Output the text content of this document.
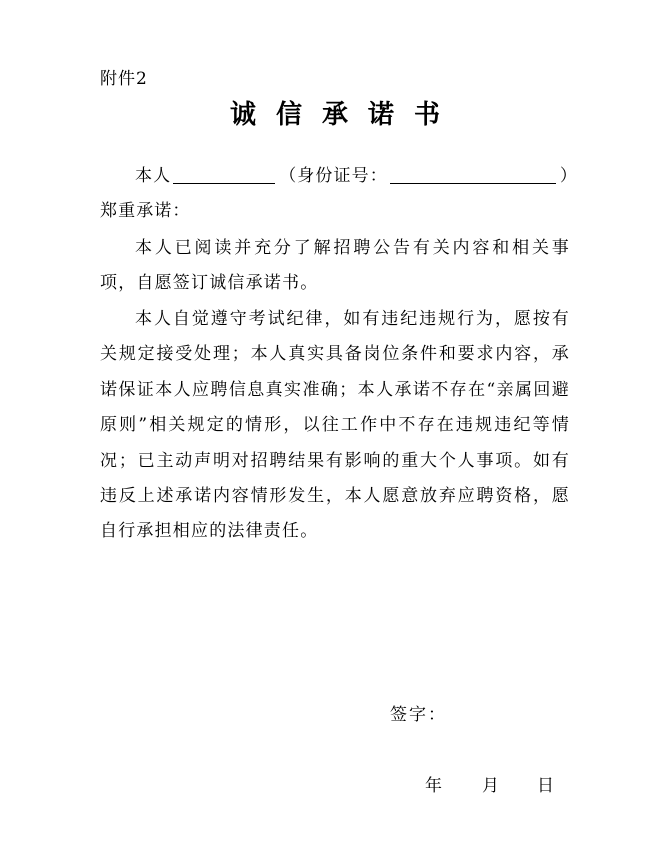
附件2
诚信承诺书
本人	（身份证号：	）
郑重承诺：
本人已阅读并充分了解招聘公告有关内容和相关事项，自愿签订诚信承诺书。
本人自觉遵守考试纪律，如有违纪违规行为，愿按有关规定接受处理；本人真实具备岗位条件和要求内容，承诺保证本人应聘信息真实准确；本人承诺不存在“亲属回避原则”相关规定的情形，以往工作中不存在违规违纪等情况；已主动声明对招聘结果有影响的重大个人事项。如有违反上述承诺内容情形发生，本人愿意放弃应聘资格，愿自行承担相应的法律责任。
签字：
年 月 日
